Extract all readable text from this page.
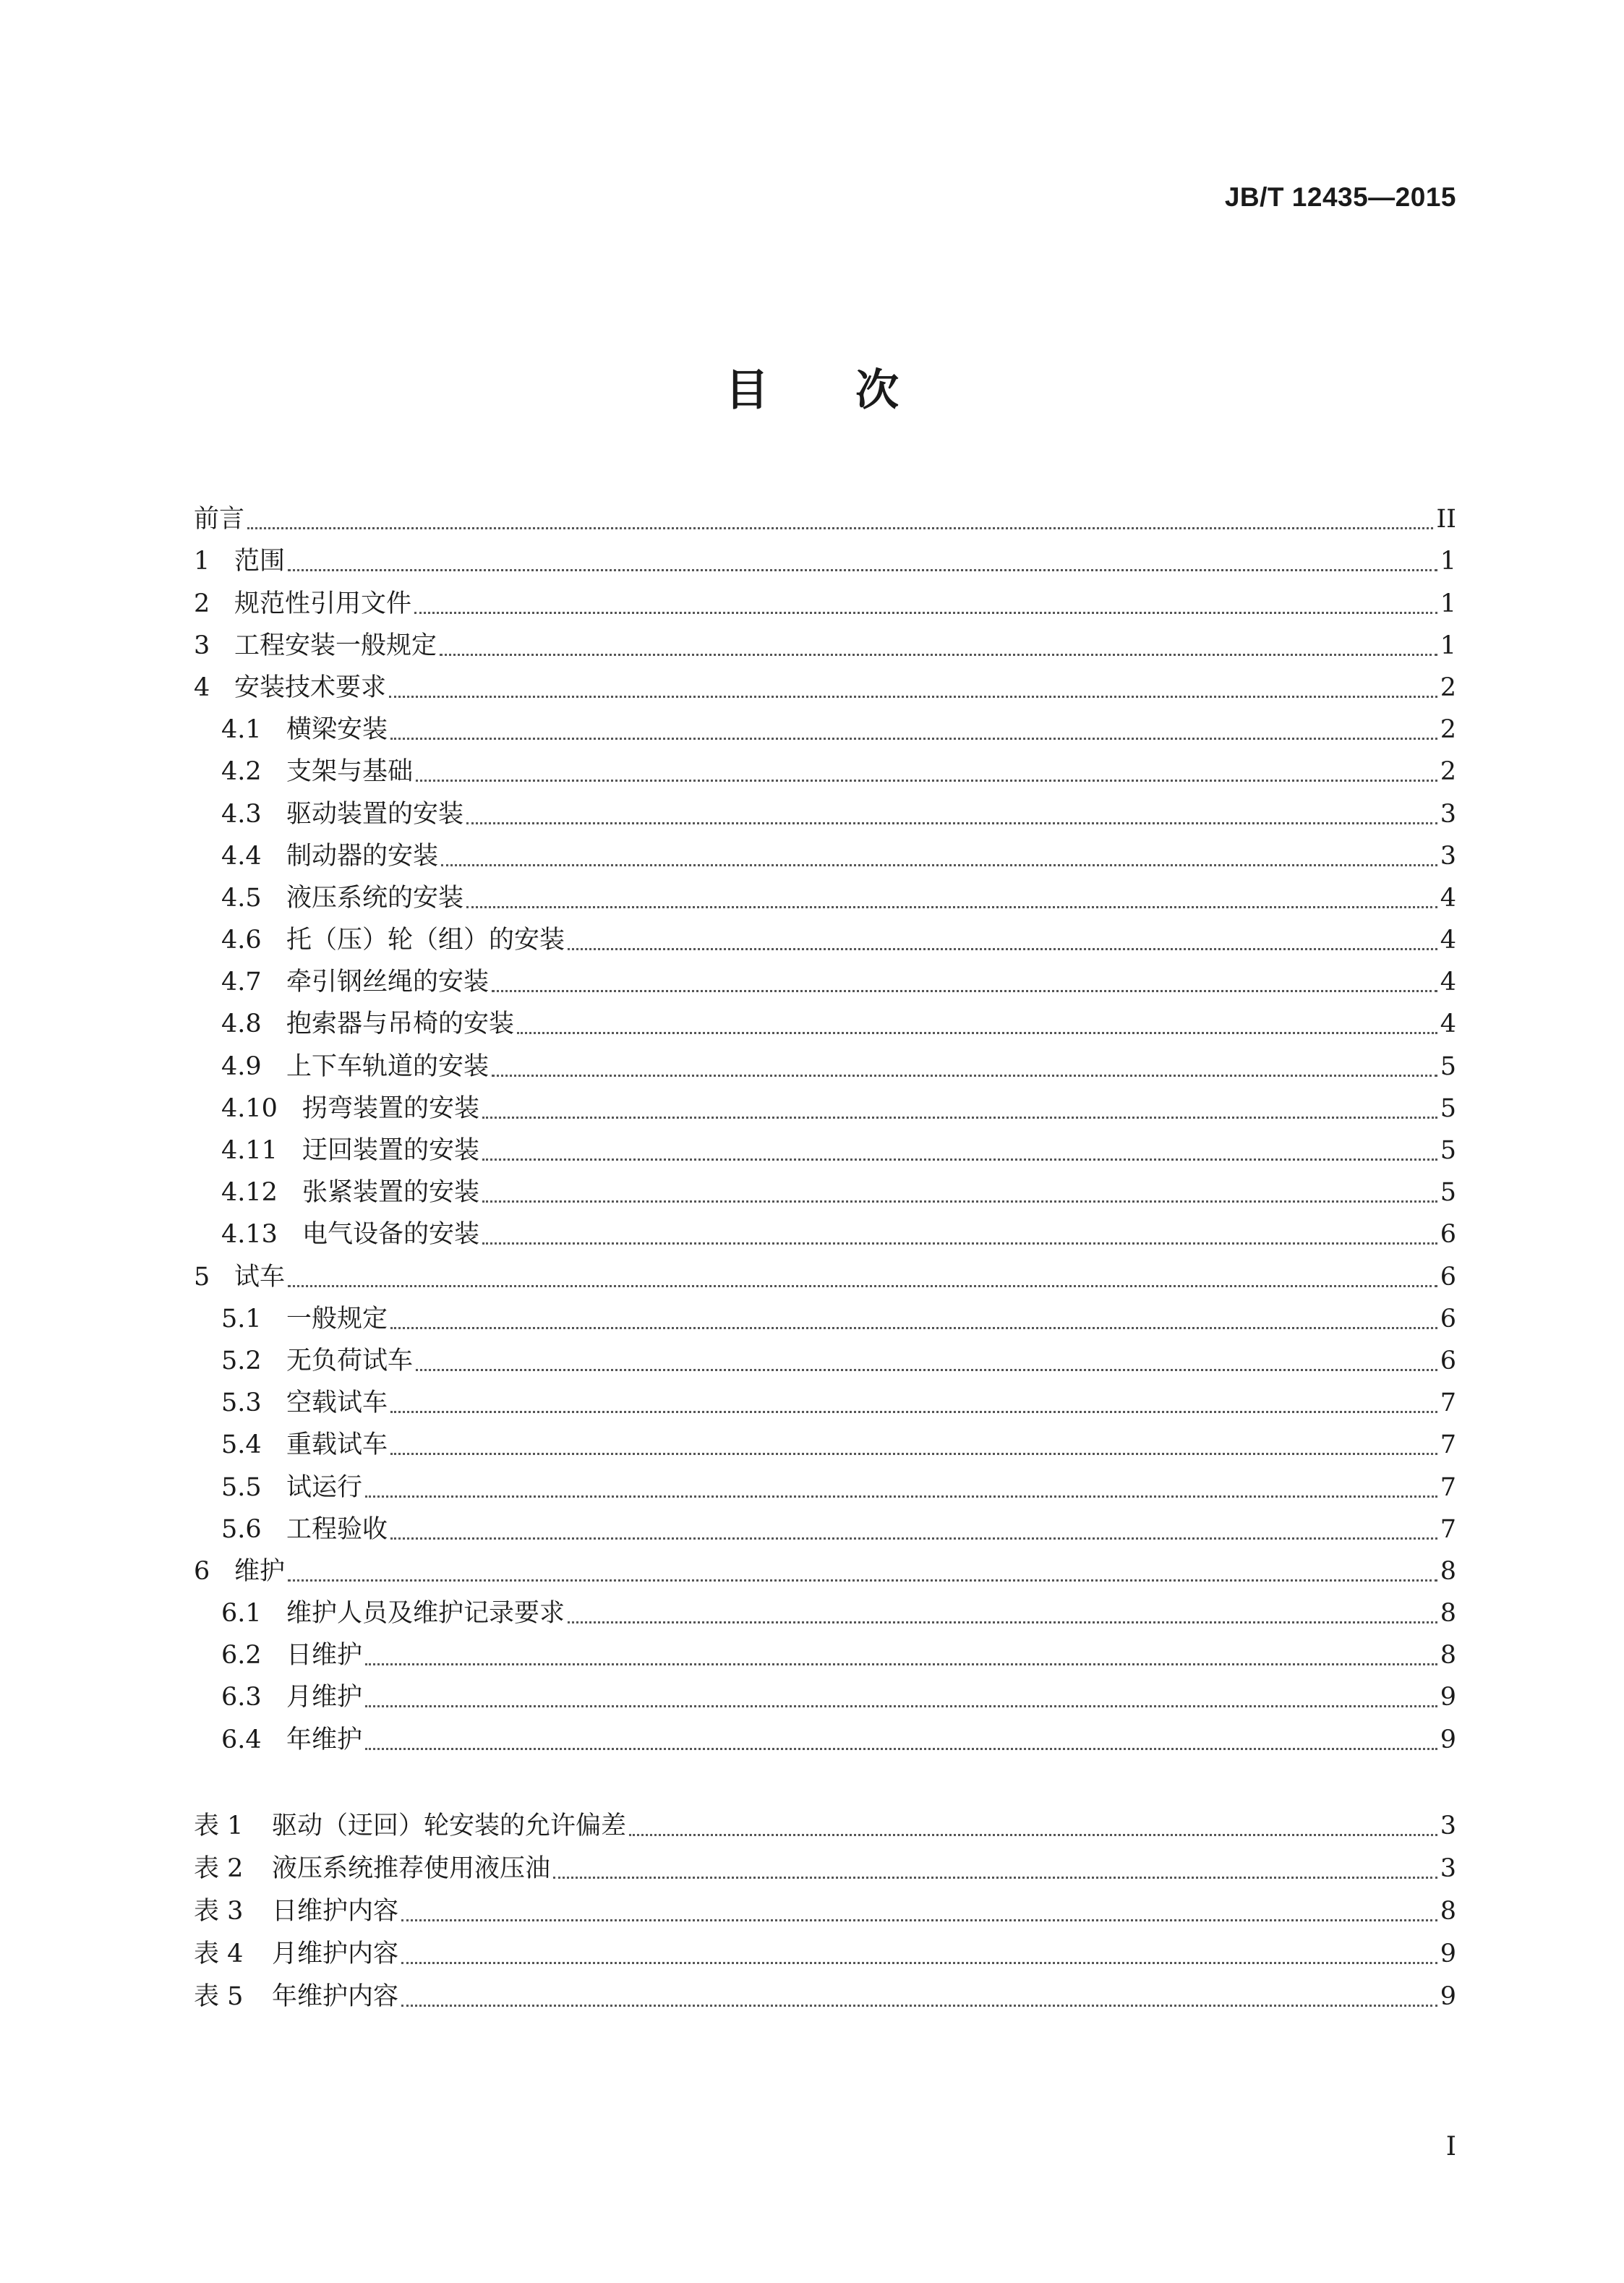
JB/T 12435—2015
目 次
前言	II
1 范围	1
2 规范性引用文件	1
3 工程安装一般规定	1
4 安装技术要求	2
4.1 横梁安装	2
4.2 支架与基础	2
4.3 驱动装置的安装	3
4.4 制动器的安装	3
4.5 液压系统的安装	4
4.6 托（压）轮（组）的安装	4
4.7 牵引钢丝绳的安装	4
4.8 抱索器与吊椅的安装	4
4.9 上下车轨道的安装	5
4.10 拐弯装置的安装	5
4.11 迂回装置的安装	5
4.12 张紧装置的安装	5
4.13 电气设备的安装	6
5 试车	6
5.1 一般规定	6
5.2 无负荷试车	6
5.3 空载试车	7
5.4 重载试车	7
5.5 试运行	7
5.6 工程验收	7
6 维护	8
6.1 维护人员及维护记录要求	8
6.2 日维护	8
6.3 月维护	9
6.4 年维护	9
表 1	驱动（迂回）轮安装的允许偏差	3
表 2	液压系统推荐使用液压油	3
表 3	日维护内容	8
表 4	月维护内容	9
表 5	年维护内容	9
I
